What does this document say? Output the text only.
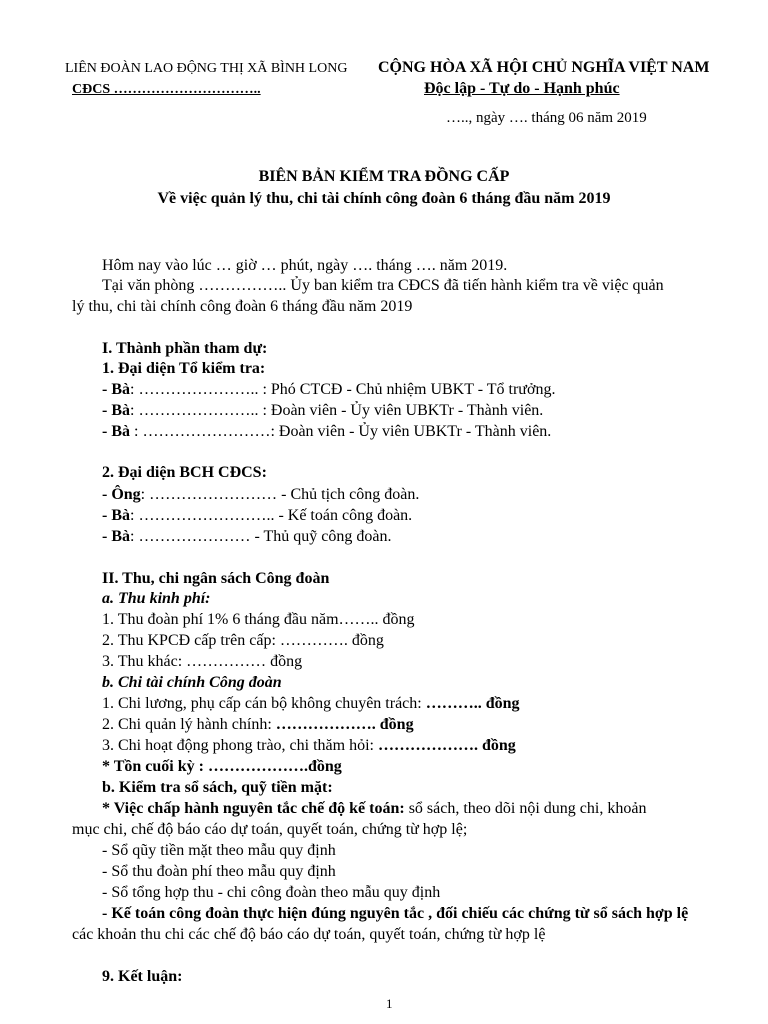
LIÊN ĐOÀN LAO ĐỘNG THỊ XÃ BÌNH LONG CỘNG HÒA XÃ HỘI CHỦ NGHĨA VIỆT NAM
CĐCS …………………………..	Độc lập - Tự do - Hạnh phúc
….., ngày …. tháng 06 năm 2019
BIÊN BẢN KIỂM TRA ĐỒNG CẤP
Về việc quản lý thu, chi tài chính công đoàn 6 tháng đầu năm 2019
Hôm nay vào lúc … giờ … phút, ngày …. tháng …. năm 2019.
Tại văn phòng …………….. Ủy ban kiểm tra CĐCS đã tiến hành kiểm tra về việc quản
lý thu, chi tài chính công đoàn 6 tháng đầu năm 2019
I. Thành phần tham dự:
1. Đại diện Tổ kiểm tra:
- Bà: ………………….. : Phó CTCĐ - Chủ nhiệm UBKT - Tổ trưởng.
- Bà: ………………….. : Đoàn viên - Ủy viên UBKTr - Thành viên.
- Bà : ……………………: Đoàn viên - Ủy viên UBKTr - Thành viên.
2. Đại diện BCH CĐCS:
- Ông: …………………… - Chủ tịch công đoàn.
- Bà: …………………….. - Kế toán công đoàn.
- Bà: ………………… - Thủ quỹ công đoàn.
II. Thu, chi ngân sách Công đoàn
a. Thu kinh phí:
1. Thu đoàn phí 1% 6 tháng đầu năm…….. đồng
2. Thu KPCĐ cấp trên cấp: …………. đồng
3. Thu khác: …………… đồng
b. Chi tài chính Công đoàn
1. Chi lương, phụ cấp cán bộ không chuyên trách: ……….. đồng
2. Chi quản lý hành chính: ………………. đồng
3. Chi hoạt động phong trào, chi thăm hỏi: ………………. đồng
* Tồn cuối kỳ : ……………….đồng
b. Kiểm tra sổ sách, quỹ tiền mặt:
* Việc chấp hành nguyên tắc chế độ kế toán: sổ sách, theo dõi nội dung chi, khoản
mục chi, chế độ báo cáo dự toán, quyết toán, chứng từ hợp lệ;
- Sổ qũy tiền mặt theo mẫu quy định
- Sổ thu đoàn phí theo mẫu quy định
- Sổ tổng hợp thu - chi công đoàn theo mẫu quy định
- Kế toán công đoàn thực hiện đúng nguyên tắc , đối chiếu các chứng từ sổ sách hợp lệ
các khoản thu chi các chế độ báo cáo dự toán, quyết toán, chứng từ hợp lệ
9. Kết luận:
1
